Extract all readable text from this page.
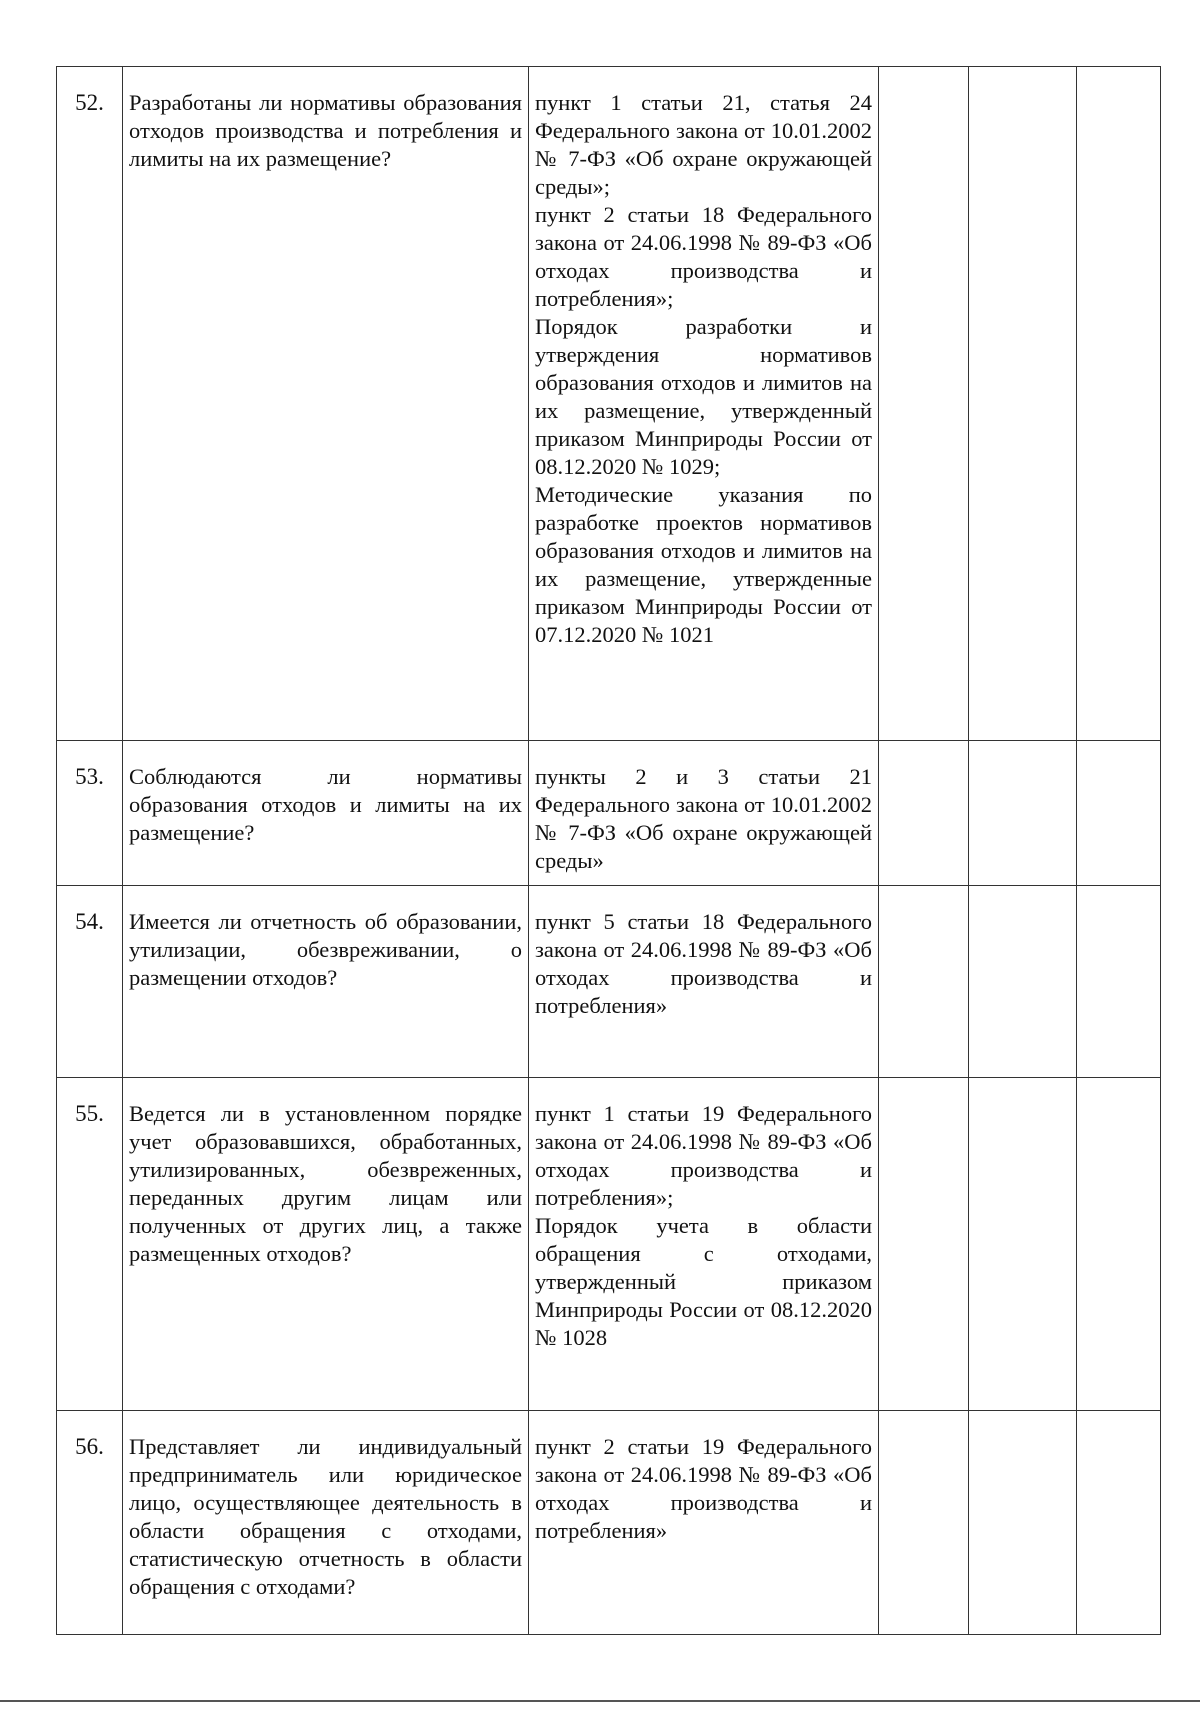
52.	Разработаны ли нормативы образования отходов производства и потребления и лимиты на их размещение?	пункт 1 статьи 21, статья 24 Федерального закона от 10.01.2002 № 7-ФЗ «Об охране окружающей среды»;

пункт 2 статьи 18 Федерального закона от 24.06.1998 № 89-ФЗ «Об отходах производства и потребления»;

Порядок разработки и утверждения нормативов образования отходов и лимитов на их размещение, утвержденный приказом Минприроды России от 08.12.2020 № 1029;

Методические указания по разработке проектов нормативов образования отходов и лимитов на их размещение, утвержденные приказом Минприроды России от 07.12.2020 № 1021			

53.	Соблюдаются ли нормативы образования отходов и лимиты на их размещение?	пункты 2 и 3 статьи 21 Федерального закона от 10.01.2002 № 7-ФЗ «Об охране окружающей среды»			

54.	Имеется ли отчетность об образовании, утилизации, обезвреживании, о размещении отходов?	пункт 5 статьи 18 Федерального закона от 24.06.1998 № 89-ФЗ «Об отходах производства и потребления»			

55.	Ведется ли в установленном порядке учет образовавшихся, обработанных, утилизированных, обезвреженных, переданных другим лицам или полученных от других лиц, а также размещенных отходов?	пункт 1 статьи 19 Федерального закона от 24.06.1998 № 89-ФЗ «Об отходах производства и потребления»;

Порядок учета в области обращения с отходами, утвержденный приказом Минприроды России от 08.12.2020 № 1028			

56.	Представляет ли индивидуальный предприниматель или юридическое лицо, осуществляющее деятельность в области обращения с отходами, статистическую отчетность в области обращения с отходами?	пункт 2 статьи 19 Федерального закона от 24.06.1998 № 89-ФЗ «Об отходах производства и потребления»			
